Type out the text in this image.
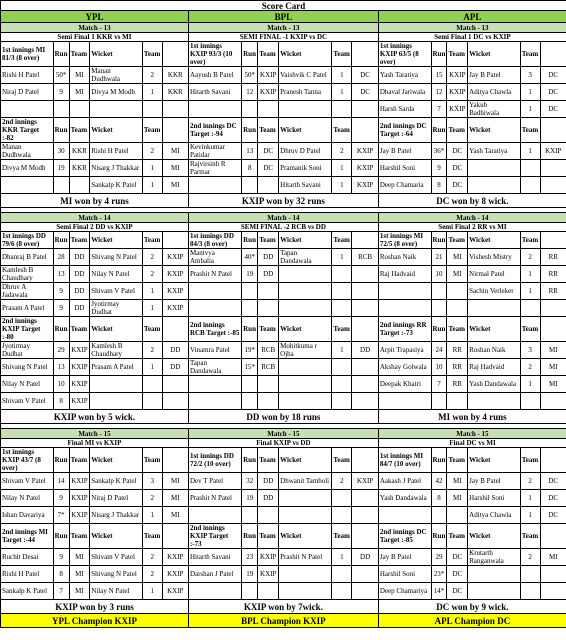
Score Card																	
YPL						BPL						APL					
Match - 13						Match - 13						Match - 13					
Semi Final 1 KKR vs MI						SEMI FINAL -1 KXIP vs DC						Semi Final 1 DC vs KXIP					
1st innings MI 81/3 (8 over)	Run	Team	Wicket	Team		1st innings KXIP 93/3 (10 over)	Run	Team	Wicket	Team		1st innings KXIP 63/5 (8 over)	Run	Team	Wicket	Team	
Rishi H Patel	50*	MI	Manan Dudhwala	2	KKR	Aayush B Patel	50*	KXIP	Vaishvik C Patel	1	DC	Yash Taratiya	15	KXIP	Jay B Patel	3	DC
Niraj D Patel	9	MI	Divya M Modh	1	KKR	Hitarth Savani	12	KXIP	Pranesh Tanna	1	DC	Dhaval Jariwala	12	KXIP	Aditya Chawla	1	DC
												Harsh Sarda	7	KXIP	Yakub Badhiwala	1	DC
2nd innings KKR Target :-82	Run	Team	Wicket	Team		2nd innings DC Target :-94	Run	Team	Wicket	Team		2nd innings DC Target :-64	Run	Team	Wicket	Team	
Manan Dudhwala	30	KKR	Rishi H Patel	2	MI	Kevinkumar Patidar	13	DC	Dhruv D Patel	2	KXIP	Jay B Patel	36*	DC	Yash Taratiya	1	KXIP
Divya M Modh	19	KKR	Nisarg J Thakkar	1	MI	Rajvirsinh R Parmar	8	DC	Pramanik Soni	1	KXIP	Harshil Soni	9	DC			
			Sankalp K Patel	1	MI				Hitarth Savani	1	KXIP	Deep Chamaria	8	DC			
MI won by 4 runs						KXIP won by 32 runs						DC won by 8 wick.					

Match - 14						Match - 14						Match - 14					
Semi Final 2 DD vs KXIP						SEMI FINAL -2 RCB vs DD						Semi Final 2 RR vs MI					
1st innings DD 79/6 (8 over)	Run	Team	Wicket	Team		1st innings DD 84/3 (8 over)	Run	Team	Wicket	Team		1st innings MI 72/5 (8 over)	Run	Team	Wicket	Team	
Dhanraj B Patel	28	DD	Shivang N Patel	2	KXIP	Mantvya Ambalia	40*	DD	Tapan Dandawala	1	RCB	Roshan Naik	21	MI	Vishesh Mistry	2	RR
Kamlesh B Chaudhary	13	DD	Nilay N Patel	2	KXIP	Prashit N Patel	19	DD				Raj Hadvaid	10	MI	Nirmal Patel	1	RR
Dhruv A Jadawala	9	DD	Shivam V Patel	1	KXIP										Sachin Verleker	1	RR
Prasam A Patel	9	DD	Jyotirmay Dudhat	1	KXIP												
2nd innings KXIP Target :-80	Run	Team	Wicket	Team		2nd innings RCB Target :-85	Run	Team	Wicket	Team		2nd innings RR Target :-73	Run	Team	Wicket	Team	
Jyotirmay Dudhat	29	KXIP	Kamlesh B Chaudhary	2	DD	Vinamra Patel	19*	RCB	Mohitkuma r Ojha	1	DD	Arpit Trapasiya	24	RR	Roshan Naik	3	MI
Shivang N Patel	13	KXIP	Prasam A Patel	1	DD	Tapan Dandawala	15*	RCB				Akshay Golwala	10	RR	Raj Hadvaid	2	MI
Nilay N Patel	10	KXIP										Deepak Khatri	7	RR	Yash Dandawala	1	MI
Shivam V Patel	8	KXIP															
KXIP won by 5 wick.						DD won by 18 runs						MI won by 4 runs					

Match - 15						Match - 15						Match - 15					
Final MI vs KXIP						Final KXIP vs DD						Final DC vs MI					
1st innings KXIP 43/7 (8 over)	Run	Team	Wicket	Team		1st innings DD 72/2 (10 over)	Run	Team	Wicket	Team		1st innings MI 84/7 (10 over)	Run	Team	Wicket	Team	
Shivam V Patel	14	KXIP	Sankalp K Patel	3	MI	Dev T Patel	32	DD	Dhwanit Tamboli	2	KXIP	Aakash J Patel	42	MI	Jay B Patel	2	DC
Nilay N Patel	9	KXIP	Niraj D Patel	2	MI	Prashit N Patel	19	DD				Yash Dandawala	8	MI	Harshil Soni	1	DC
Ishan Davariya	7*	KXIP	Nisarg J Thakkar	1	MI										Aditya Chawla	1	DC
2nd innings MI Target :-44	Run	Team	Wicket	Team		2nd innings KXIP Target :-73	Run	Team	Wicket	Team		2nd innings DC Target :-85	Run	Team	Wicket	Team	
Ruchit Desai	9	MI	Shivam V Patel	2	KXIP	Hitarth Savani	23	KXIP	Prashit N Patel	1	DD	Jay B Patel	29	DC	Krutarth Ranganwala	2	MI
Rishi H Patel	8	MI	Shivang N Patel	2	KXIP	Darshan J Patel	19	KXIP				Harshil Soni	23*	DC			
Sankalp K Patel	7	MI	Nilay N Patel	1	KXIP							Deep Chamariya	14*	DC			
KXIP won by 3 runs						KXIP won by 7wick.						DC won by 9 wick.					
YPL Champion KXIP						BPL Champion KXIP						APL Champion DC					
